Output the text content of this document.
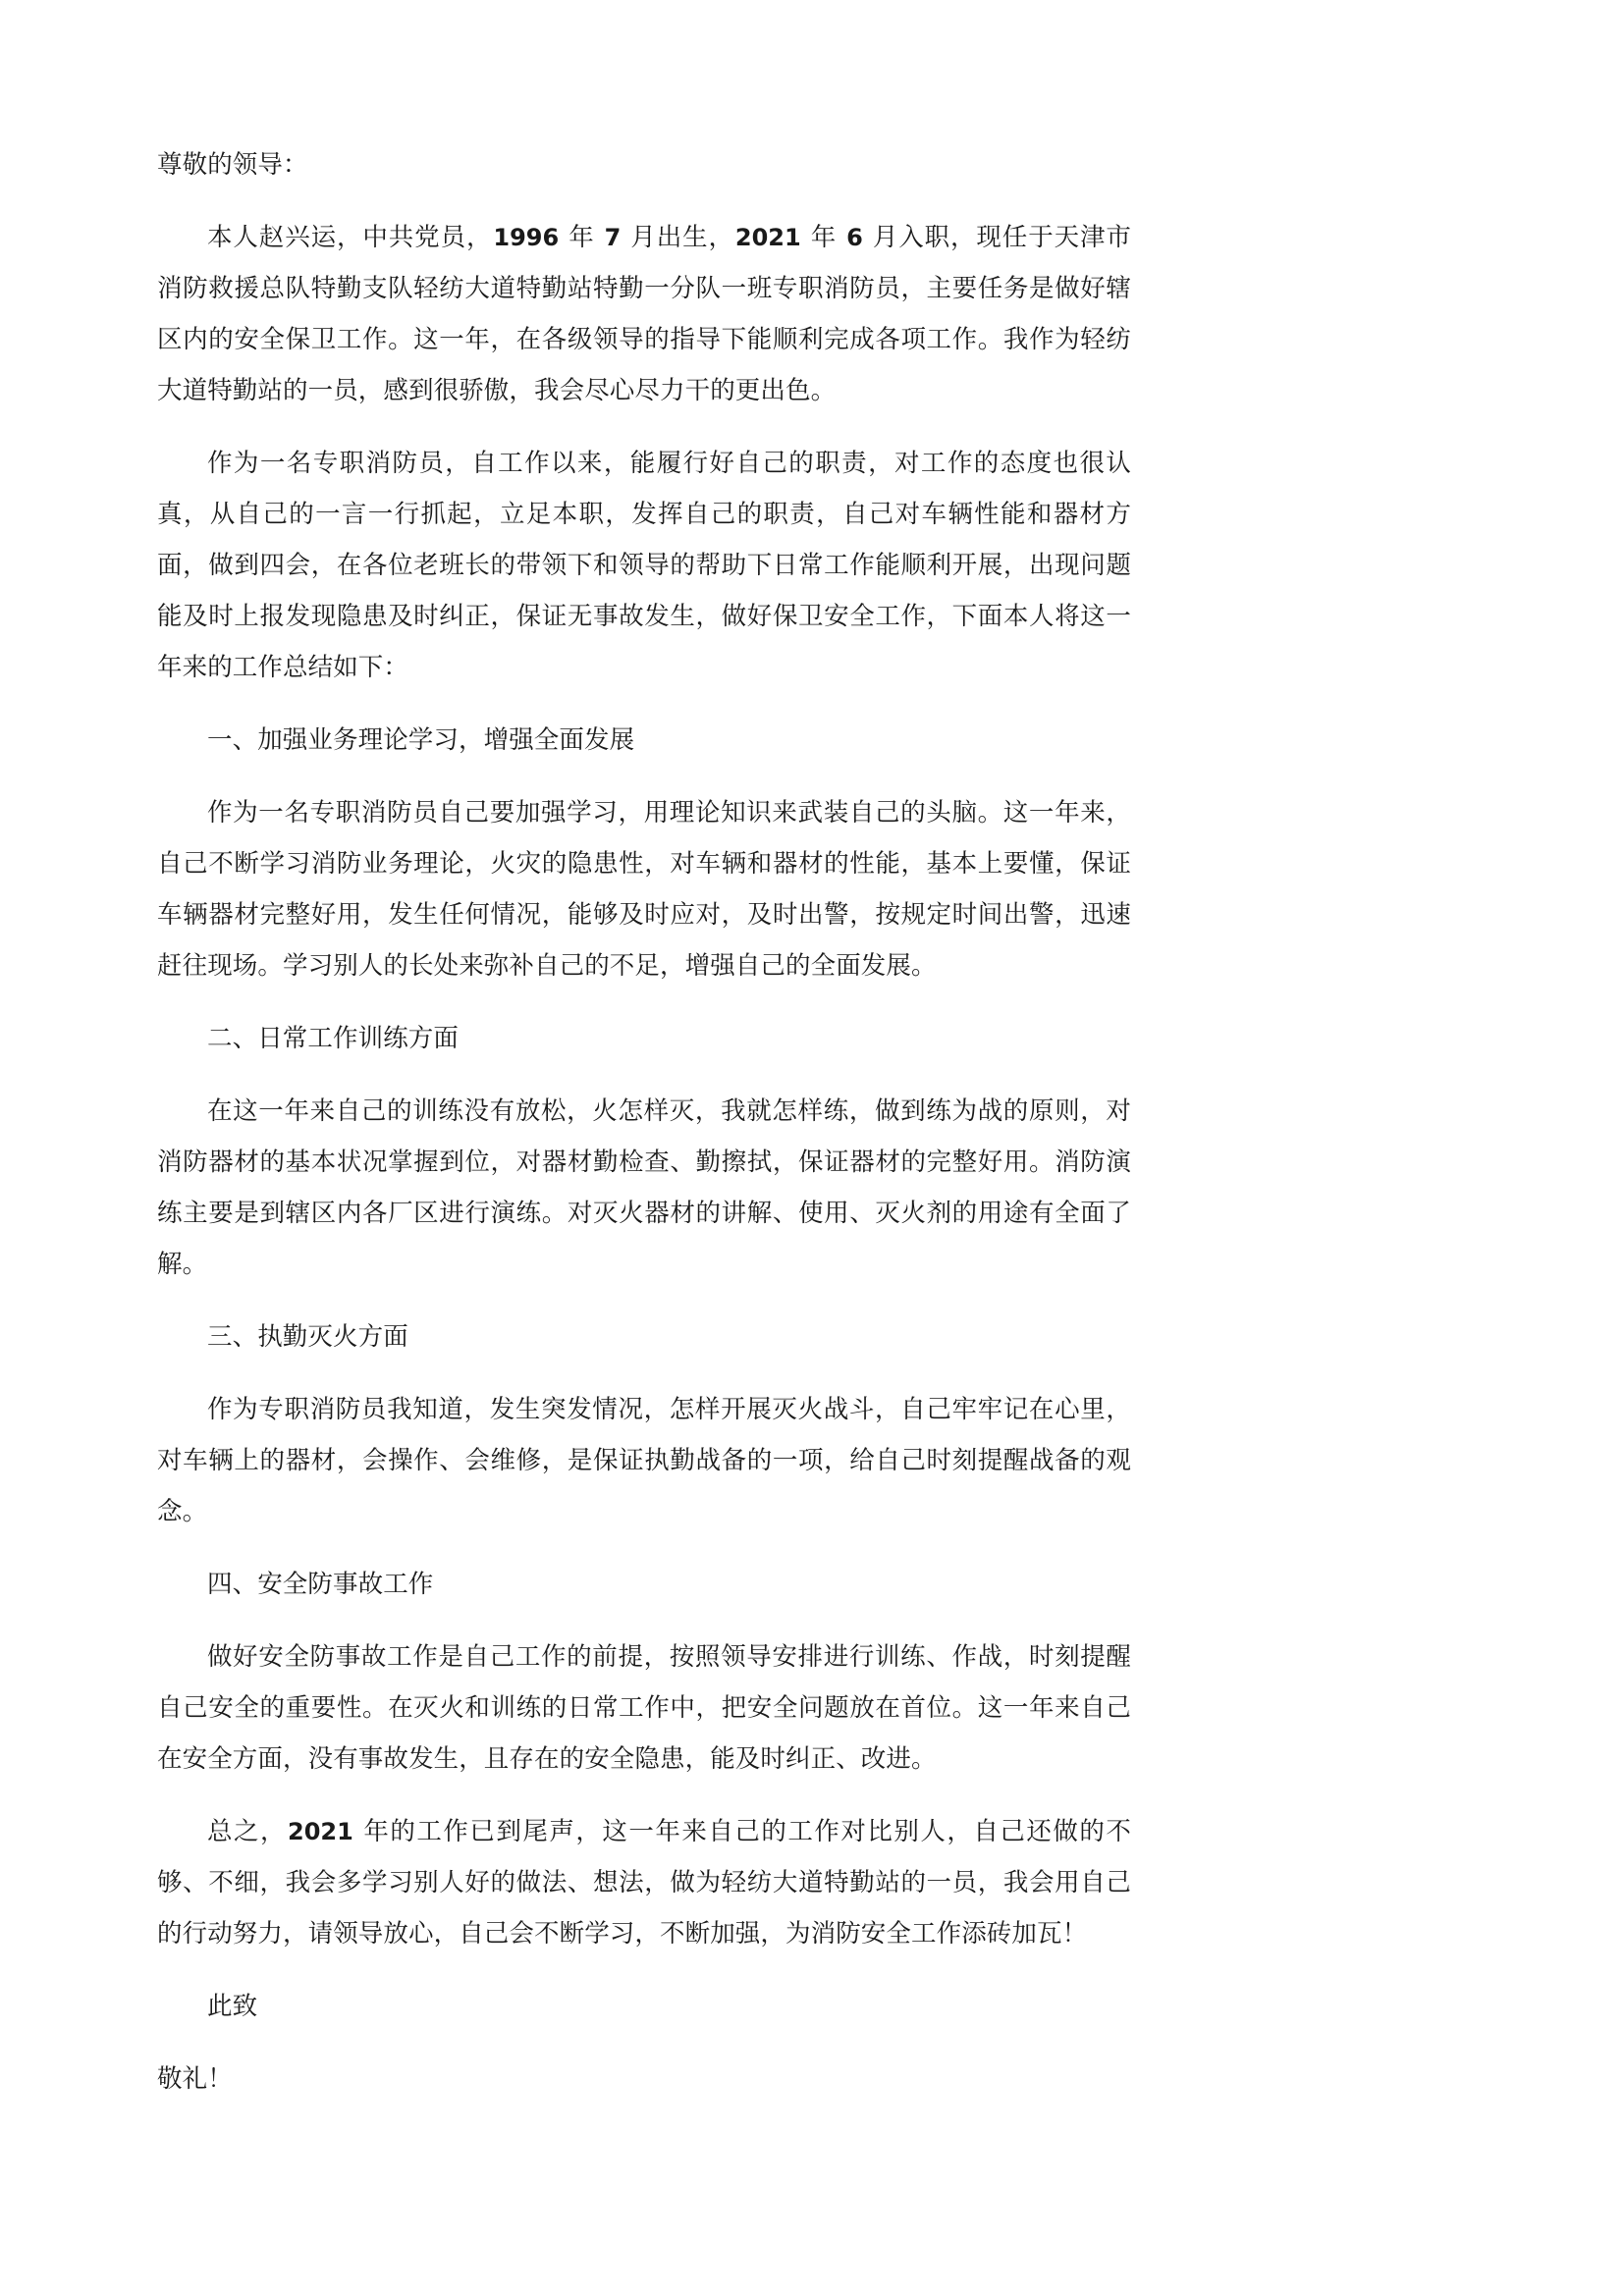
尊敬的领导：

本人赵兴运，中共党员，1996 年 7 月出生，2021 年 6 月入职，现任于天津市消防救援总队特勤支队轻纺大道特勤站特勤一分队一班专职消防员，主要任务是做好辖区内的安全保卫工作。这一年，在各级领导的指导下能顺利完成各项工作。我作为轻纺大道特勤站的一员，感到很骄傲，我会尽心尽力干的更出色。

作为一名专职消防员，自工作以来，能履行好自己的职责，对工作的态度也很认真，从自己的一言一行抓起，立足本职，发挥自己的职责，自己对车辆性能和器材方面，做到四会，在各位老班长的带领下和领导的帮助下日常工作能顺利开展，出现问题能及时上报发现隐患及时纠正，保证无事故发生，做好保卫安全工作，下面本人将这一年来的工作总结如下：

一、加强业务理论学习，增强全面发展

作为一名专职消防员自己要加强学习，用理论知识来武装自己的头脑。这一年来，自己不断学习消防业务理论，火灾的隐患性，对车辆和器材的性能，基本上要懂，保证车辆器材完整好用，发生任何情况，能够及时应对，及时出警，按规定时间出警，迅速赶往现场。学习别人的长处来弥补自己的不足，增强自己的全面发展。

二、日常工作训练方面

在这一年来自己的训练没有放松，火怎样灭，我就怎样练，做到练为战的原则，对消防器材的基本状况掌握到位，对器材勤检查、勤擦拭，保证器材的完整好用。消防演练主要是到辖区内各厂区进行演练。对灭火器材的讲解、使用、灭火剂的用途有全面了解。

三、执勤灭火方面

作为专职消防员我知道，发生突发情况，怎样开展灭火战斗，自己牢牢记在心里，对车辆上的器材，会操作、会维修，是保证执勤战备的一项，给自己时刻提醒战备的观念。

四、安全防事故工作

做好安全防事故工作是自己工作的前提，按照领导安排进行训练、作战，时刻提醒自己安全的重要性。在灭火和训练的日常工作中，把安全问题放在首位。这一年来自己在安全方面，没有事故发生，且存在的安全隐患，能及时纠正、改进。

总之，2021 年的工作已到尾声，这一年来自己的工作对比别人，自己还做的不够、不细，我会多学习别人好的做法、想法，做为轻纺大道特勤站的一员，我会用自己的行动努力，请领导放心，自己会不断学习，不断加强，为消防安全工作添砖加瓦！

此致

敬礼！
